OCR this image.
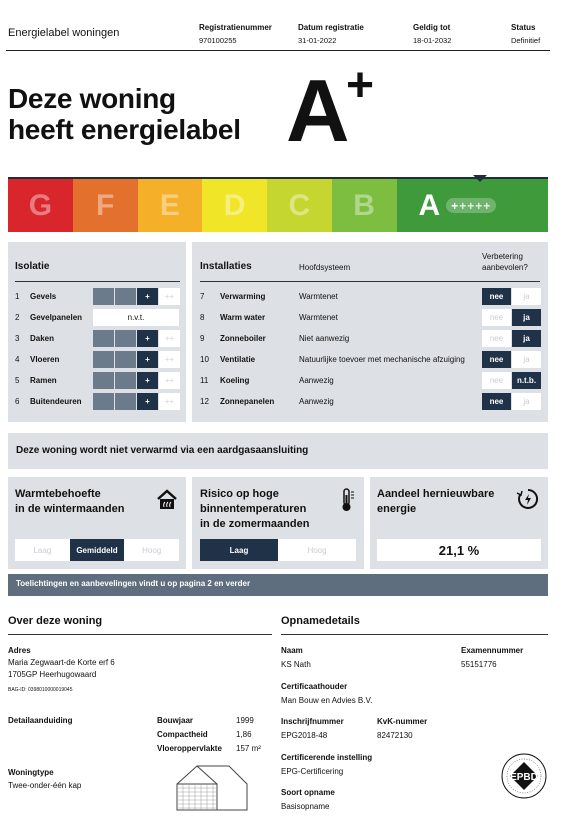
Energielabel woningen	Registratienummer
970100255
Datum registratie
31-01-2022
Geldig tot
18-01-2032
Status
Definitief
Deze woning
heeft energielabel A
+
G F E D C B A + ++++
Isolatie
1	Gevels	+	++
2	Gevelpanelen	n.v.t.
3	Daken	+	++
4	Vloeren	+	++
5	Ramen	+	++
6	Buitendeuren	+	++
Installaties	Hoofdsysteem
Verbetering
aanbevolen?
7	Verwarming	Warmtenet	nee	ja
8	Warm water	Warmtenet	nee	ja
9	Zonneboiler	Niet aanwezig	nee	ja
10	Ventilatie	Natuurlijke toevoer met mechanische afzuiging	nee	ja
11	Koeling	Aanwezig	nee	n.t.b.
12	Zonnepanelen	Aanwezig	nee	ja
Deze woning wordt niet verwarmd via een aardgasaansluiting
Warmtebehoefte
in de wintermaanden
Laag	Gemiddeld	Hoog
Risico op hoge
binnentemperaturen
in de zomermaanden
Laag	Hoog
Aandeel hernieuwbare
energie
21,1 %
Toelichtingen en aanbevelingen vindt u op pagina 2 en verder
Over deze woning
Adres
Maria Zegwaart-de Korte erf 6
1705GP Heerhugowaard
BAG-ID: 0398010000019045
Detailaanduiding	Bouwjaar	1999
Compactheid	1,86
Vloeroppervlakte 157 m²
Woningtype
Twee-onder-één kap
Opnamedetails
Naam
KS Nath
Examennummer
55151776
Certificaathouder
Man Bouw en Advies B.V.
Inschrijfnummer
EPG2018-48
KvK-nummer
82472130
Certificerende instelling
EPG-Certificering
Soort opname
Basisopname
EPBD
